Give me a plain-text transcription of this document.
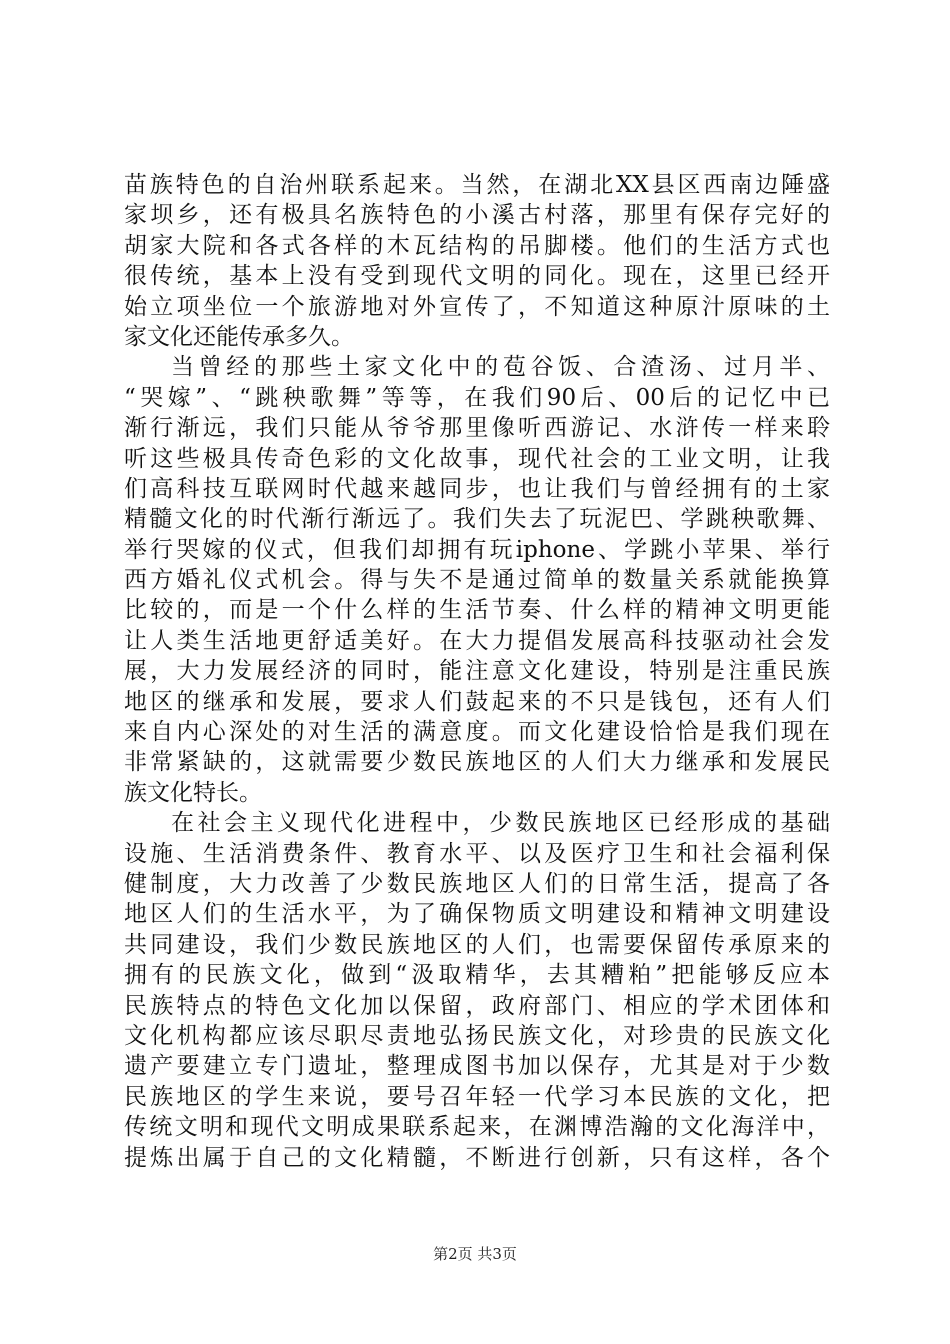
苗族特色的自治州联系起来。当然，在湖北XX县区西南边陲盛
家坝乡，还有极具名族特色的小溪古村落，那里有保存完好的
胡家大院和各式各样的木瓦结构的吊脚楼。他们的生活方式也
很传统，基本上没有受到现代文明的同化。现在，这里已经开
始立项坐位一个旅游地对外宣传了，不知道这种原汁原味的土
家文化还能传承多久。
当曾经的那些土家文化中的苞谷饭、合渣汤、过月半、
“哭嫁”、“跳秧歌舞”等等，在我们90后、00后的记忆中已
渐行渐远，我们只能从爷爷那里像听西游记、水浒传一样来聆
听这些极具传奇色彩的文化故事，现代社会的工业文明，让我
们高科技互联网时代越来越同步，也让我们与曾经拥有的土家
精髓文化的时代渐行渐远了。我们失去了玩泥巴、学跳秧歌舞、
举行哭嫁的仪式，但我们却拥有玩iphone、学跳小苹果、举行
西方婚礼仪式机会。得与失不是通过简单的数量关系就能换算
比较的，而是一个什么样的生活节奏、什么样的精神文明更能
让人类生活地更舒适美好。在大力提倡发展高科技驱动社会发
展，大力发展经济的同时，能注意文化建设，特别是注重民族
地区的继承和发展，要求人们鼓起来的不只是钱包，还有人们
来自内心深处的对生活的满意度。而文化建设恰恰是我们现在
非常紧缺的，这就需要少数民族地区的人们大力继承和发展民
族文化特长。
在社会主义现代化进程中，少数民族地区已经形成的基础
设施、生活消费条件、教育水平、以及医疗卫生和社会福利保
健制度，大力改善了少数民族地区人们的日常生活，提高了各
地区人们的生活水平，为了确保物质文明建设和精神文明建设
共同建设，我们少数民族地区的人们，也需要保留传承原来的
拥有的民族文化，做到“汲取精华，去其糟粕”把能够反应本
民族特点的特色文化加以保留，政府部门、相应的学术团体和
文化机构都应该尽职尽责地弘扬民族文化，对珍贵的民族文化
遗产要建立专门遗址，整理成图书加以保存，尤其是对于少数
民族地区的学生来说，要号召年轻一代学习本民族的文化，把
传统文明和现代文明成果联系起来，在渊博浩瀚的文化海洋中，
提炼出属于自己的文化精髓，不断进行创新，只有这样，各个
第2页 共3页
